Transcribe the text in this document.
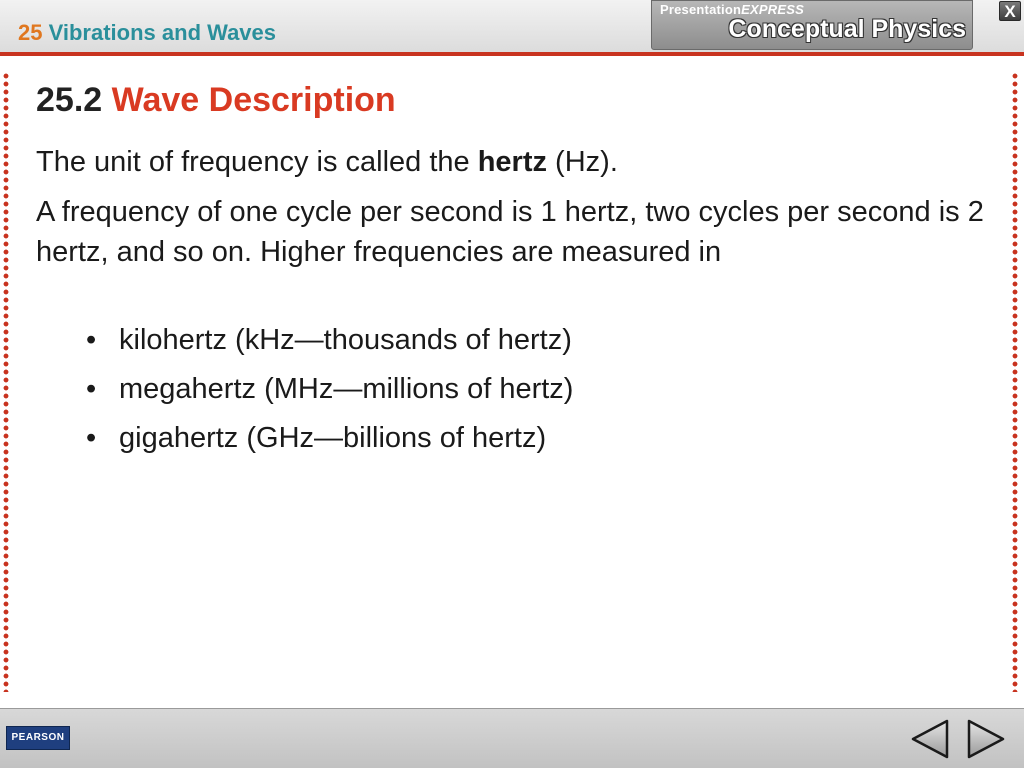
25 Vibrations and Waves
PresentationEXPRESS
Conceptual Physics
X
25.2 Wave Description

The unit of frequency is called the hertz (Hz).

A frequency of one cycle per second is 1 hertz, two cycles per second is 2 hertz, and so on. Higher frequencies are measured in

• kilohertz (kHz—thousands of hertz)
• megahertz (MHz—millions of hertz)
• gigahertz (GHz—billions of hertz)
PEARSON
